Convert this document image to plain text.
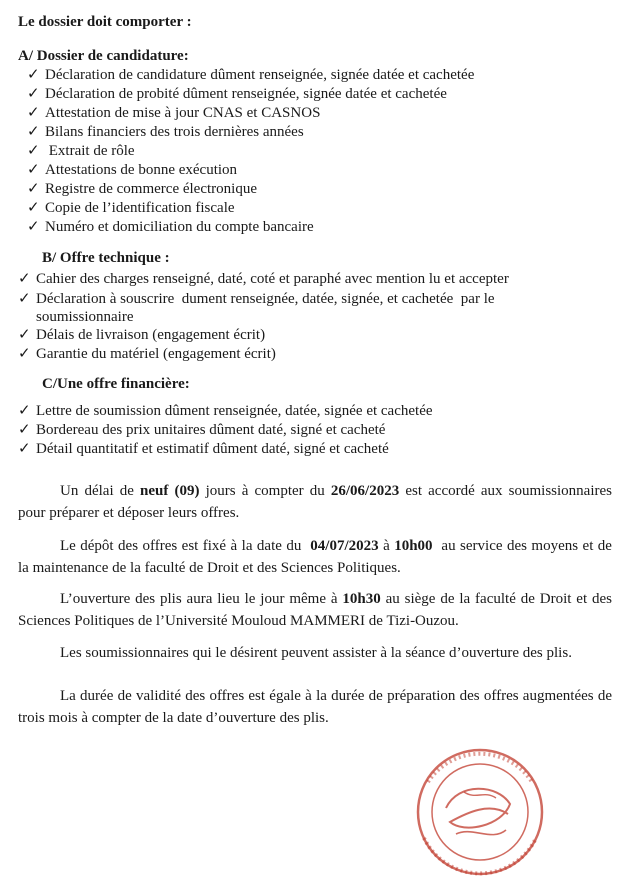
Le dossier doit comporter :
A/ Dossier de candidature:
✓ Déclaration de candidature dûment renseignée, signée datée et cachetée
✓ Déclaration de probité dûment renseignée, signée datée et cachetée
✓ Attestation de mise à jour CNAS et CASNOS
✓ Bilans financiers des trois dernières années
✓ Extrait de rôle
✓ Attestations de bonne exécution
✓ Registre de commerce électronique
✓ Copie de l’identification fiscale
✓ Numéro et domiciliation du compte bancaire
B/ Offre technique :
✓ Cahier des charges renseigné, daté, coté et paraphé avec mention lu et accepter
✓ Déclaration à souscrire  dument renseignée, datée, signée, et cachetée  par le
soumissionnaire
✓ Délais de livraison (engagement écrit)
✓ Garantie du matériel (engagement écrit)
C/Une offre financière:
✓ Lettre de soumission dûment renseignée, datée, signée et cachetée
✓ Bordereau des prix unitaires dûment daté, signé et cacheté
✓ Détail quantitatif et estimatif dûment daté, signé et cacheté
Un délai de neuf (09) jours à compter du 26/06/2023 est accordé aux soumissionnaires pour préparer et déposer leurs offres.
Le dépôt des offres est fixé à la date du  04/07/2023 à 10h00  au service des moyens et de la maintenance de la faculté de Droit et des Sciences Politiques.
L’ouverture des plis aura lieu le jour même à 10h30 au siège de la faculté de Droit et des Sciences Politiques de l’Université Mouloud MAMMERI de Tizi-Ouzou.
Les soumissionnaires qui le désirent peuvent assister à la séance d’ouverture des plis.
La durée de validité des offres est égale à la durée de préparation des offres augmentées de trois mois à compter de la date d’ouverture des plis.
